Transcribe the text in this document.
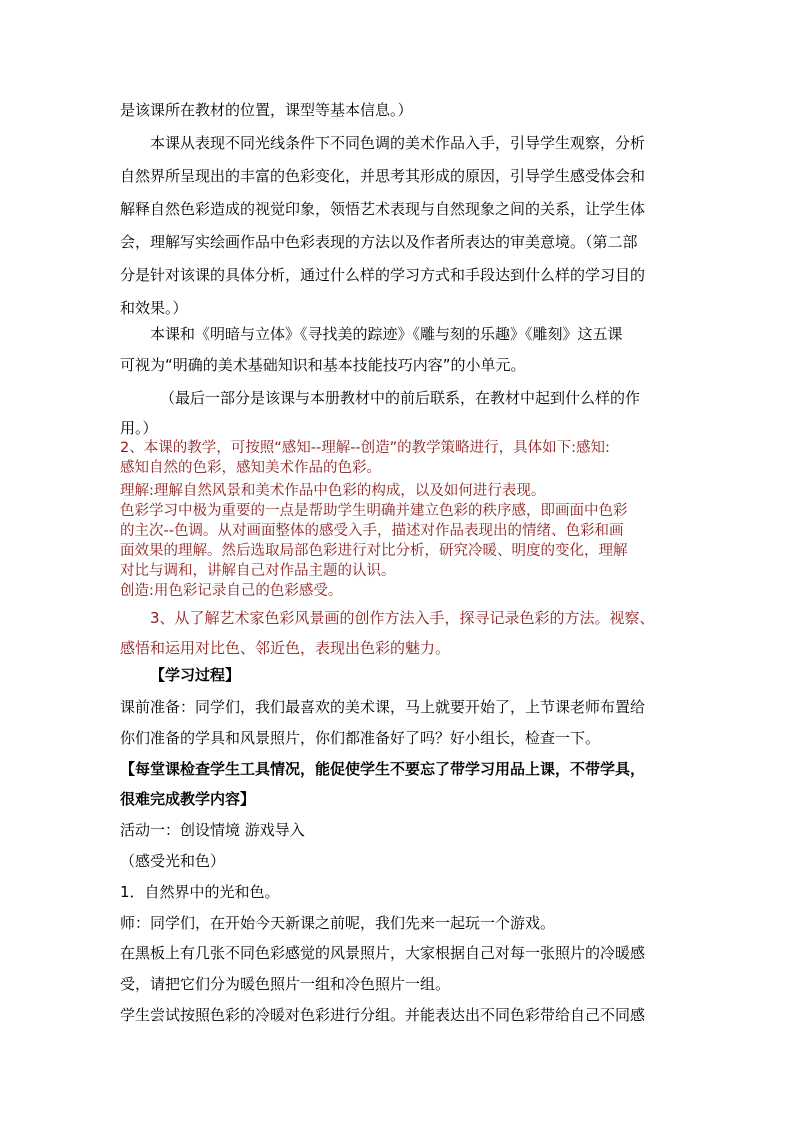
是该课所在教材的位置，课型等基本信息。）
本课从表现不同光线条件下不同色调的美术作品入手，引导学生观察，分析
自然界所呈现出的丰富的色彩变化，并思考其形成的原因，引导学生感受体会和
解释自然色彩造成的视觉印象，领悟艺术表现与自然现象之间的关系，让学生体
会，理解写实绘画作品中色彩表现的方法以及作者所表达的审美意境。（第二部
分是针对该课的具体分析，通过什么样的学习方式和手段达到什么样的学习目的
和效果。）
本课和《明暗与立体》《寻找美的踪迹》《雕与刻的乐趣》《雕刻》这五课
可视为“明确的美术基础知识和基本技能技巧内容”的小单元。
（最后一部分是该课与本册教材中的前后联系，在教材中起到什么样的作
用。）
2、本课的教学，可按照“感知--理解--创造”的教学策略进行，具体如下:感知:
感知自然的色彩，感知美术作品的色彩。
理解:理解自然风景和美术作品中色彩的构成，以及如何进行表现。
色彩学习中极为重要的一点是帮助学生明确并建立色彩的秩序感，即画面中色彩
的主次--色调。从对画面整体的感受入手，描述对作品表现出的情绪、色彩和画
面效果的理解。然后选取局部色彩进行对比分析，研究冷暖、明度的变化，理解
对比与调和，讲解自己对作品主题的认识。
创造:用色彩记录自己的色彩感受。
3、从了解艺术家色彩风景画的创作方法入手，探寻记录色彩的方法。视察、
感悟和运用对比色、邻近色，表现出色彩的魅力。
【学习过程】
课前准备：同学们，我们最喜欢的美术课，马上就要开始了，上节课老师布置给
你们准备的学具和风景照片，你们都准备好了吗？好小组长，检查一下。
【每堂课检查学生工具情况，能促使学生不要忘了带学习用品上课，不带学具，
很难完成教学内容】
活动一：创设情境 游戏导入
（感受光和色）
1．自然界中的光和色。
师：同学们，在开始今天新课之前呢，我们先来一起玩一个游戏。
在黑板上有几张不同色彩感觉的风景照片，大家根据自己对每一张照片的冷暖感
受，请把它们分为暖色照片一组和冷色照片一组。
学生尝试按照色彩的冷暖对色彩进行分组。并能表达出不同色彩带给自己不同感
